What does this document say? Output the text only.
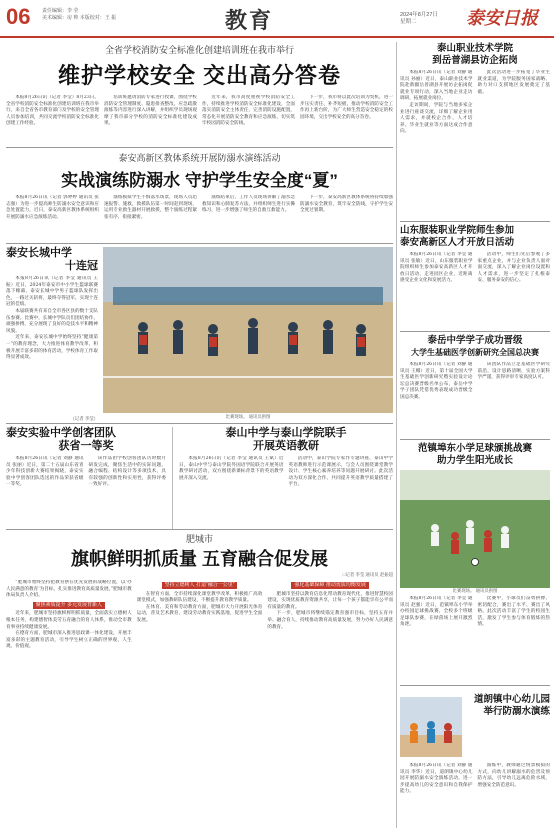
06 责任编辑：李 莹
美术编辑：房 帅 本版校对：王 振	教育	2024年8月27日
星期二	泰安日报
全省学校消防安全标准化创建培训班在我市举行
维护学校安全 交出高分答卷

本报8月26日讯（记者 李莹）8月23日，全省学校消防安全标准化创建培训班在我市举行。来自全省各市教育部门及学校的安全管理人员参加培训，共同交流学校消防安全标准化创建工作经验。

培训班邀请消防专家进行授课，围绕学校消防安全管理制度、隐患排查整改、应急疏散演练等内容进行深入讲解，并组织学员现场观摩了我市部分学校的消防安全标准化建设成果。

近年来，我市高度重视学校消防安全工作，持续推进学校消防安全标准化建设，全面落实消防安全主体责任，完善消防设施配置，常态化开展消防安全教育和应急演练，切实筑牢校园消防安全防线。

下一步，我市将以此次培训为契机，进一步压实责任、补齐短板，推动学校消防安全工作再上新台阶，为广大师生营造安全稳定的校园环境，交出学校安全的高分答卷。

泰安高新区教体系统开展防溺水演练活动
实战演练防溺水 守护学生安全度“夏”

本报8月26日讯（记者 郭婷婷 通讯员 张志强）为进一步提高师生防溺水安全意识和应急处置能力，近日，泰安高新区教体系统组织开展防溺水应急演练活动。

演练模拟学生不慎落水场景，现场人员迅速报警、施救，救援队伍第一时间赶到现场，运用专业救生器材开展救援，整个演练过程紧张有序、衔接紧密。

演练结束后，工作人员现场讲解了溺水急救知识和心肺复苏方法，并组织师生进行实操练习，进一步增强了师生的自救互救能力。

下一步，泰安高新区教体系统将持续加强防溺水安全教育，筑牢安全防线，守护学生安全度过暑期。

泰安长城中学
十连冠

本报8月26日讯（记者 李莹 通讯员 王振）近日，2024年泰安市中小学生篮球联赛落下帷幕，泰安长城中学男子篮球队发挥出色，一路过关斩将，最终夺得冠军，实现十连冠的佳绩。

本届联赛共有来自全市各区县的数十支队伍参赛。比赛中，长城中学队员们团结协作、顽强拼搏，充分展现了良好的竞技水平和精神风貌。

近年来，泰安长城中学始终坚持“健康第一”的教育理念，大力推进体育教学改革，积极开展丰富多彩的体育活动，学校体育工作取得显著成效。

（记者 李莹）	比赛现场。 通讯员供图
泰安实验中学创客团队
获省一等奖

本报8月26日讯（记者 刘静 通讯员 张丽）近日，第二十五届山东省青少年科技创新大赛结果揭晓，泰安实验中学创客团队选送的作品荣获省级一等奖。

该作品由学校创客团队历时数月研发完成，聚焦生活中的实际问题，融合编程、结构设计等多项技术，具有较强的创新性和实用性，获得评委一致好评。

泰山中学与泰山学院联手
开展英语教研

本报8月26日讯（记者 李莹 通讯员 王斌）近日，泰山中学与泰山学院外国语学院联合开展英语教学研讨活动，双方围绕新课标背景下的英语教学展开深入交流。

活动中，泰山学院专家作专题讲座，泰山中学英语教师进行示范课展示，与会人员围绕课堂教学设计、学生核心素养培养等问题开展研讨。此次活动为双方深化合作、共同提升英语教学质量搭建了平台。

肥城市
旗帜鲜明抓质量 五育融合促发展
□记者 李莹 通讯员 赵振超

“肥城市始终坚持把教育摆在优先发展的战略位置，以‘办人民满意的教育’为目标，扎实推进教育高质量发展。”肥城市教体局负责人介绍。

聚焦素质提升 多元发展育新人

近年来，肥城市坚持旗帜鲜明抓质量，全面落实立德树人根本任务，构建德智体美劳五育融合的育人体系，推动全市教育事业持续健康发展。

在德育方面，肥城市深入推进思政课一体化建设，开展丰富多彩的主题教育活动，引导学生树立正确的世界观、人生观、价值观。

坚持立德树人 打造“融合一公里”

在智育方面，全市持续深化课堂教学改革，积极推广高效课堂模式，加强教研队伍建设，不断提升教育教学质量。

在体育、美育和劳动教育方面，肥城市大力开展阳光体育运动，普及艺术教育，建设劳动教育实践基地，促进学生全面发展。

强化基础保障 推动优质均衡发展

肥城市坚持以教育信息化带动教育现代化，推进智慧校园建设，实现优质教育资源共享，让每一个孩子都能享有公平而有质量的教育。

下一步，肥城市将继续锚定教育强市目标，坚持五育并举、融合育人，持续推动教育高质量发展，努力办好人民满意的教育。

泰山职业技术学院
到岳普湖县访企拓岗

本报8月26日讯（记者 刘静 通讯员 孙丽）近日，泰山职业技术学院赴新疆岳普湖县开展访企拓岗促就业专项行动，深入当地企业走访调研，拓展就业岗位。

走访期间，学院与当地多家企业进行座谈交流，详细了解企业用人需求，并就校企合作、人才培养、毕业生就业等方面达成合作意向。

此次活动进一步拓宽了毕业生就业渠道，为学院服务国家战略、助力对口支援地区发展奠定了基础。

山东服装职业学院师生参加
泰安高新区人才开放日活动

本报8月26日讯（记者 李莹 通讯员 张敏）近日，山东服装职业学院组织师生参加泰安高新区人才开放日活动，走进园区企业，近距离感受企业文化和发展活力。

活动中，师生们先后参观了多家重点企业，并与企业负责人面对面交流，深入了解企业岗位设置和人才需求，进一步坚定了扎根泰安、服务泰安的信心。

泰岳中学学子成功晋级
大学生基础医学创新研究全国总决赛

本报8月26日讯（记者 刘静 通讯员 王娜）近日，第十届全国大学生基础医学创新研究暨实验设计论坛总决赛晋级名单公布，泰岳中学学子团队凭借优秀表现成功晋级全国总决赛。

该团队作品立足基础医学研究前沿，设计思路清晰，实验方案科学严谨，获得评审专家高度认可。

范镇埠东小学足球颁挑战赛
助力学生阳光成长
比赛现场。 通讯员供图

本报8月26日讯（记者 李莹 通讯员 赵强）近日，范镇埠东小学举办校园足球挑战赛，全校多个班级足球队参赛，在绿茵场上展开激烈角逐。

比赛中，小球员们奋勇拼搏、密切配合，赛出了水平、赛出了风格。此次活动丰富了学生的校园生活，激发了学生参与体育锻炼的热情。

道朗镇中心幼儿园
举行防溺水演练

本报8月26日讯（记者 刘静 通讯员 李华）近日，道朗镇中心幼儿园开展防溺水安全演练活动，进一步提高幼儿的安全意识和自我保护能力。

演练中，教师通过情景模拟的方式，向幼儿讲解溺水的危害及预防方法，引导幼儿远离危险水域，增强安全防范意识。
